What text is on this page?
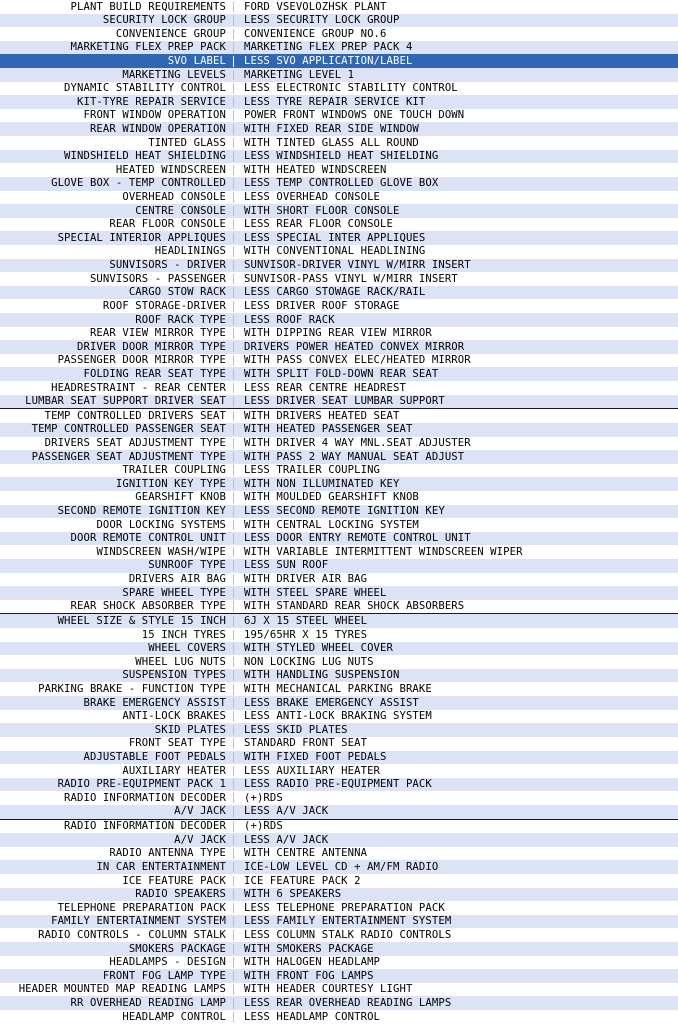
PLANT BUILD REQUIREMENTS	FORD VSEVOLOZHSK PLANT
SECURITY LOCK GROUP	LESS SECURITY LOCK GROUP
CONVENIENCE GROUP	CONVENIENCE GROUP NO.6
MARKETING FLEX PREP PACK	MARKETING FLEX PREP PACK 4
SVO LABEL	LESS SVO APPLICATION/LABEL
MARKETING LEVELS	MARKETING LEVEL 1
DYNAMIC STABILITY CONTROL	LESS ELECTRONIC STABILITY CONTROL
KIT-TYRE REPAIR SERVICE	LESS TYRE REPAIR SERVICE KIT
FRONT WINDOW OPERATION	POWER FRONT WINDOWS ONE TOUCH DOWN
REAR WINDOW OPERATION	WITH FIXED REAR SIDE WINDOW
TINTED GLASS	WITH TINTED GLASS ALL ROUND
WINDSHIELD HEAT SHIELDING	LESS WINDSHIELD HEAT SHIELDING
HEATED WINDSCREEN	WITH HEATED WINDSCREEN
GLOVE BOX - TEMP CONTROLLED	LESS TEMP CONTROLLED GLOVE BOX
OVERHEAD CONSOLE	LESS OVERHEAD CONSOLE
CENTRE CONSOLE	WITH SHORT FLOOR CONSOLE
REAR FLOOR CONSOLE	LESS REAR FLOOR CONSOLE
SPECIAL INTERIOR APPLIQUES	LESS SPECIAL INTER APPLIQUES
HEADLININGS	WITH CONVENTIONAL HEADLINING
SUNVISORS - DRIVER	SUNVISOR-DRIVER VINYL W/MIRR INSERT
SUNVISORS - PASSENGER	SUNVISOR-PASS VINYL W/MIRR INSERT
CARGO STOW RACK	LESS CARGO STOWAGE RACK/RAIL
ROOF STORAGE-DRIVER	LESS DRIVER ROOF STORAGE
ROOF RACK TYPE	LESS ROOF RACK
REAR VIEW MIRROR TYPE	WITH DIPPING REAR VIEW MIRROR
DRIVER DOOR MIRROR TYPE	DRIVERS POWER HEATED CONVEX MIRROR
PASSENGER DOOR MIRROR TYPE	WITH PASS CONVEX ELEC/HEATED MIRROR
FOLDING REAR SEAT TYPE	WITH SPLIT FOLD-DOWN REAR SEAT
HEADRESTRAINT - REAR CENTER	LESS REAR CENTRE HEADREST
LUMBAR SEAT SUPPORT DRIVER SEAT	LESS DRIVER SEAT LUMBAR SUPPORT
TEMP CONTROLLED DRIVERS SEAT	WITH DRIVERS HEATED SEAT
TEMP CONTROLLED PASSENGER SEAT	WITH HEATED PASSENGER SEAT
DRIVERS SEAT ADJUSTMENT TYPE	WITH DRIVER 4 WAY MNL.SEAT ADJUSTER
PASSENGER SEAT ADJUSTMENT TYPE	WITH PASS 2 WAY MANUAL SEAT ADJUST
TRAILER COUPLING	LESS TRAILER COUPLING
IGNITION KEY TYPE	WITH NON ILLUMINATED KEY
GEARSHIFT KNOB	WITH MOULDED GEARSHIFT KNOB
SECOND REMOTE IGNITION KEY	LESS SECOND REMOTE IGNITION KEY
DOOR LOCKING SYSTEMS	WITH CENTRAL LOCKING SYSTEM
DOOR REMOTE CONTROL UNIT	LESS DOOR ENTRY REMOTE CONTROL UNIT
WINDSCREEN WASH/WIPE	WITH VARIABLE INTERMITTENT WINDSCREEN WIPER
SUNROOF TYPE	LESS SUN ROOF
DRIVERS AIR BAG	WITH DRIVER AIR BAG
SPARE WHEEL TYPE	WITH STEEL SPARE WHEEL
REAR SHOCK ABSORBER TYPE	WITH STANDARD REAR SHOCK ABSORBERS
WHEEL SIZE & STYLE 15 INCH	6J X 15 STEEL WHEEL
15 INCH TYRES	195/65HR X 15 TYRES
WHEEL COVERS	WITH STYLED WHEEL COVER
WHEEL LUG NUTS	NON LOCKING LUG NUTS
SUSPENSION TYPES	WITH HANDLING SUSPENSION
PARKING BRAKE - FUNCTION TYPE	WITH MECHANICAL PARKING BRAKE
BRAKE EMERGENCY ASSIST	LESS BRAKE EMERGENCY ASSIST
ANTI-LOCK BRAKES	LESS ANTI-LOCK BRAKING SYSTEM
SKID PLATES	LESS SKID PLATES
FRONT SEAT TYPE	STANDARD FRONT SEAT
ADJUSTABLE FOOT PEDALS	WITH FIXED FOOT PEDALS
AUXILIARY HEATER	LESS AUXILIARY HEATER
RADIO PRE-EQUIPMENT PACK 1	LESS RADIO PRE-EQUIPMENT PACK
RADIO INFORMATION DECODER	(+)RDS
A/V JACK	LESS A/V JACK
RADIO INFORMATION DECODER	(+)RDS
A/V JACK	LESS A/V JACK
RADIO ANTENNA TYPE	WITH CENTRE ANTENNA
IN CAR ENTERTAINMENT	ICE-LOW LEVEL CD + AM/FM RADIO
ICE FEATURE PACK	ICE FEATURE PACK 2
RADIO SPEAKERS	WITH 6 SPEAKERS
TELEPHONE PREPARATION PACK	LESS TELEPHONE PREPARATION PACK
FAMILY ENTERTAINMENT SYSTEM	LESS FAMILY ENTERTAINMENT SYSTEM
RADIO CONTROLS - COLUMN STALK	LESS COLUMN STALK RADIO CONTROLS
SMOKERS PACKAGE	WITH SMOKERS PACKAGE
HEADLAMPS - DESIGN	WITH HALOGEN HEADLAMP
FRONT FOG LAMP TYPE	WITH FRONT FOG LAMPS
HEADER MOUNTED MAP READING LAMPS	WITH HEADER COURTESY LIGHT
RR OVERHEAD READING LAMP	LESS REAR OVERHEAD READING LAMPS
HEADLAMP CONTROL	LESS HEADLAMP CONTROL
